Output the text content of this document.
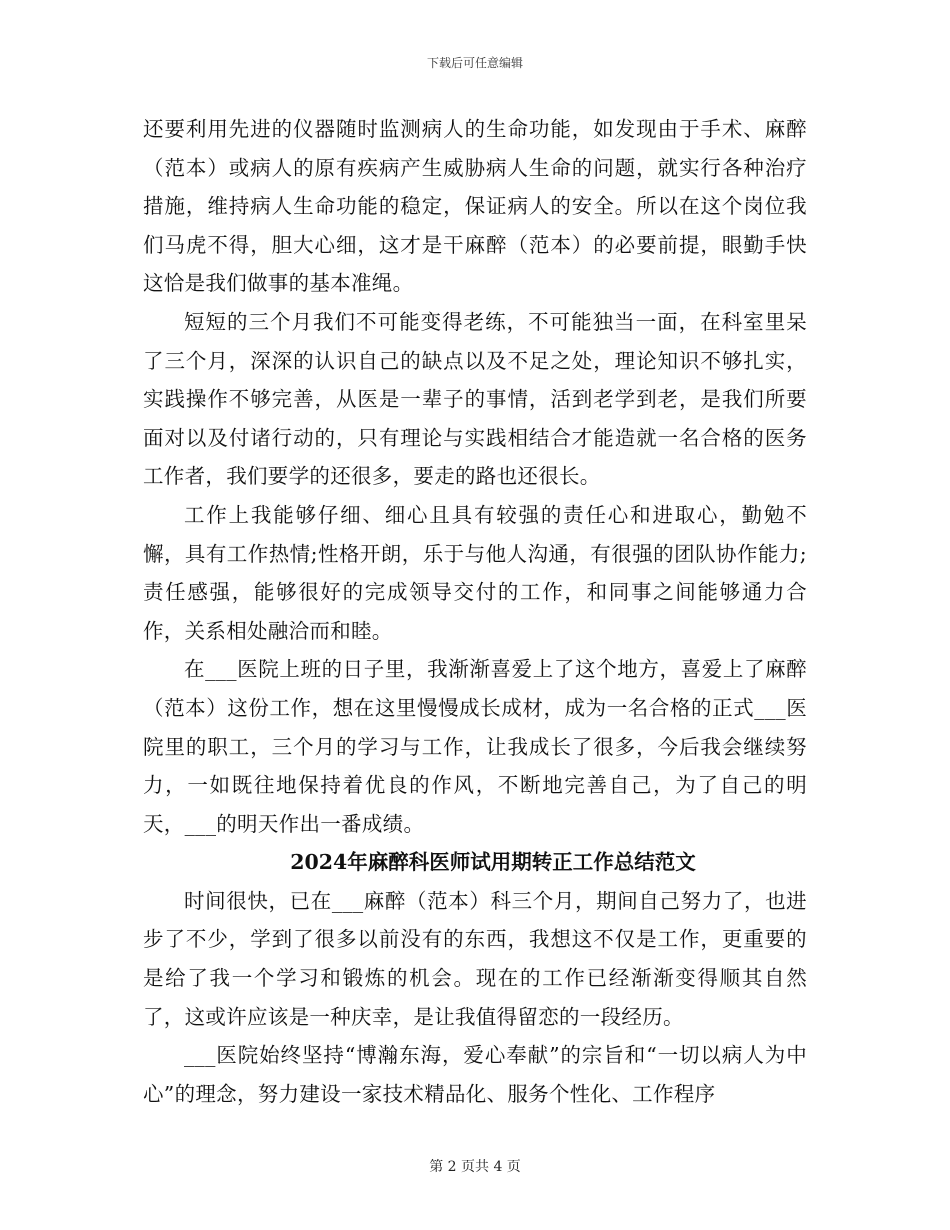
下载后可任意编辑

还要利用先进的仪器随时监测病人的生命功能，如发现由于手术、麻醉（范本）或病人的原有疾病产生威胁病人生命的问题，就实行各种治疗措施，维持病人生命功能的稳定，保证病人的安全。所以在这个岗位我们马虎不得，胆大心细，这才是干麻醉（范本）的必要前提，眼勤手快这恰是我们做事的基本准绳。

短短的三个月我们不可能变得老练，不可能独当一面，在科室里呆了三个月，深深的认识自己的缺点以及不足之处，理论知识不够扎实，实践操作不够完善，从医是一辈子的事情，活到老学到老，是我们所要面对以及付诸行动的，只有理论与实践相结合才能造就一名合格的医务工作者，我们要学的还很多，要走的路也还很长。

工作上我能够仔细、细心且具有较强的责任心和进取心，勤勉不懈，具有工作热情;性格开朗，乐于与他人沟通，有很强的团队协作能力;责任感强，能够很好的完成领导交付的工作，和同事之间能够通力合作，关系相处融洽而和睦。

在___医院上班的日子里，我渐渐喜爱上了这个地方，喜爱上了麻醉（范本）这份工作，想在这里慢慢成长成材，成为一名合格的正式___医院里的职工，三个月的学习与工作，让我成长了很多，今后我会继续努力，一如既往地保持着优良的作风，不断地完善自己，为了自己的明天，___的明天作出一番成绩。

2024年麻醉科医师试用期转正工作总结范文

时间很快，已在___麻醉（范本）科三个月，期间自己努力了，也进步了不少，学到了很多以前没有的东西，我想这不仅是工作，更重要的是给了我一个学习和锻炼的机会。现在的工作已经渐渐变得顺其自然了，这或许应该是一种庆幸，是让我值得留恋的一段经历。

___医院始终坚持“博瀚东海，爱心奉献”的宗旨和“一切以病人为中心”的理念，努力建设一家技术精品化、服务个性化、工作程序

第 2 页共 4 页
